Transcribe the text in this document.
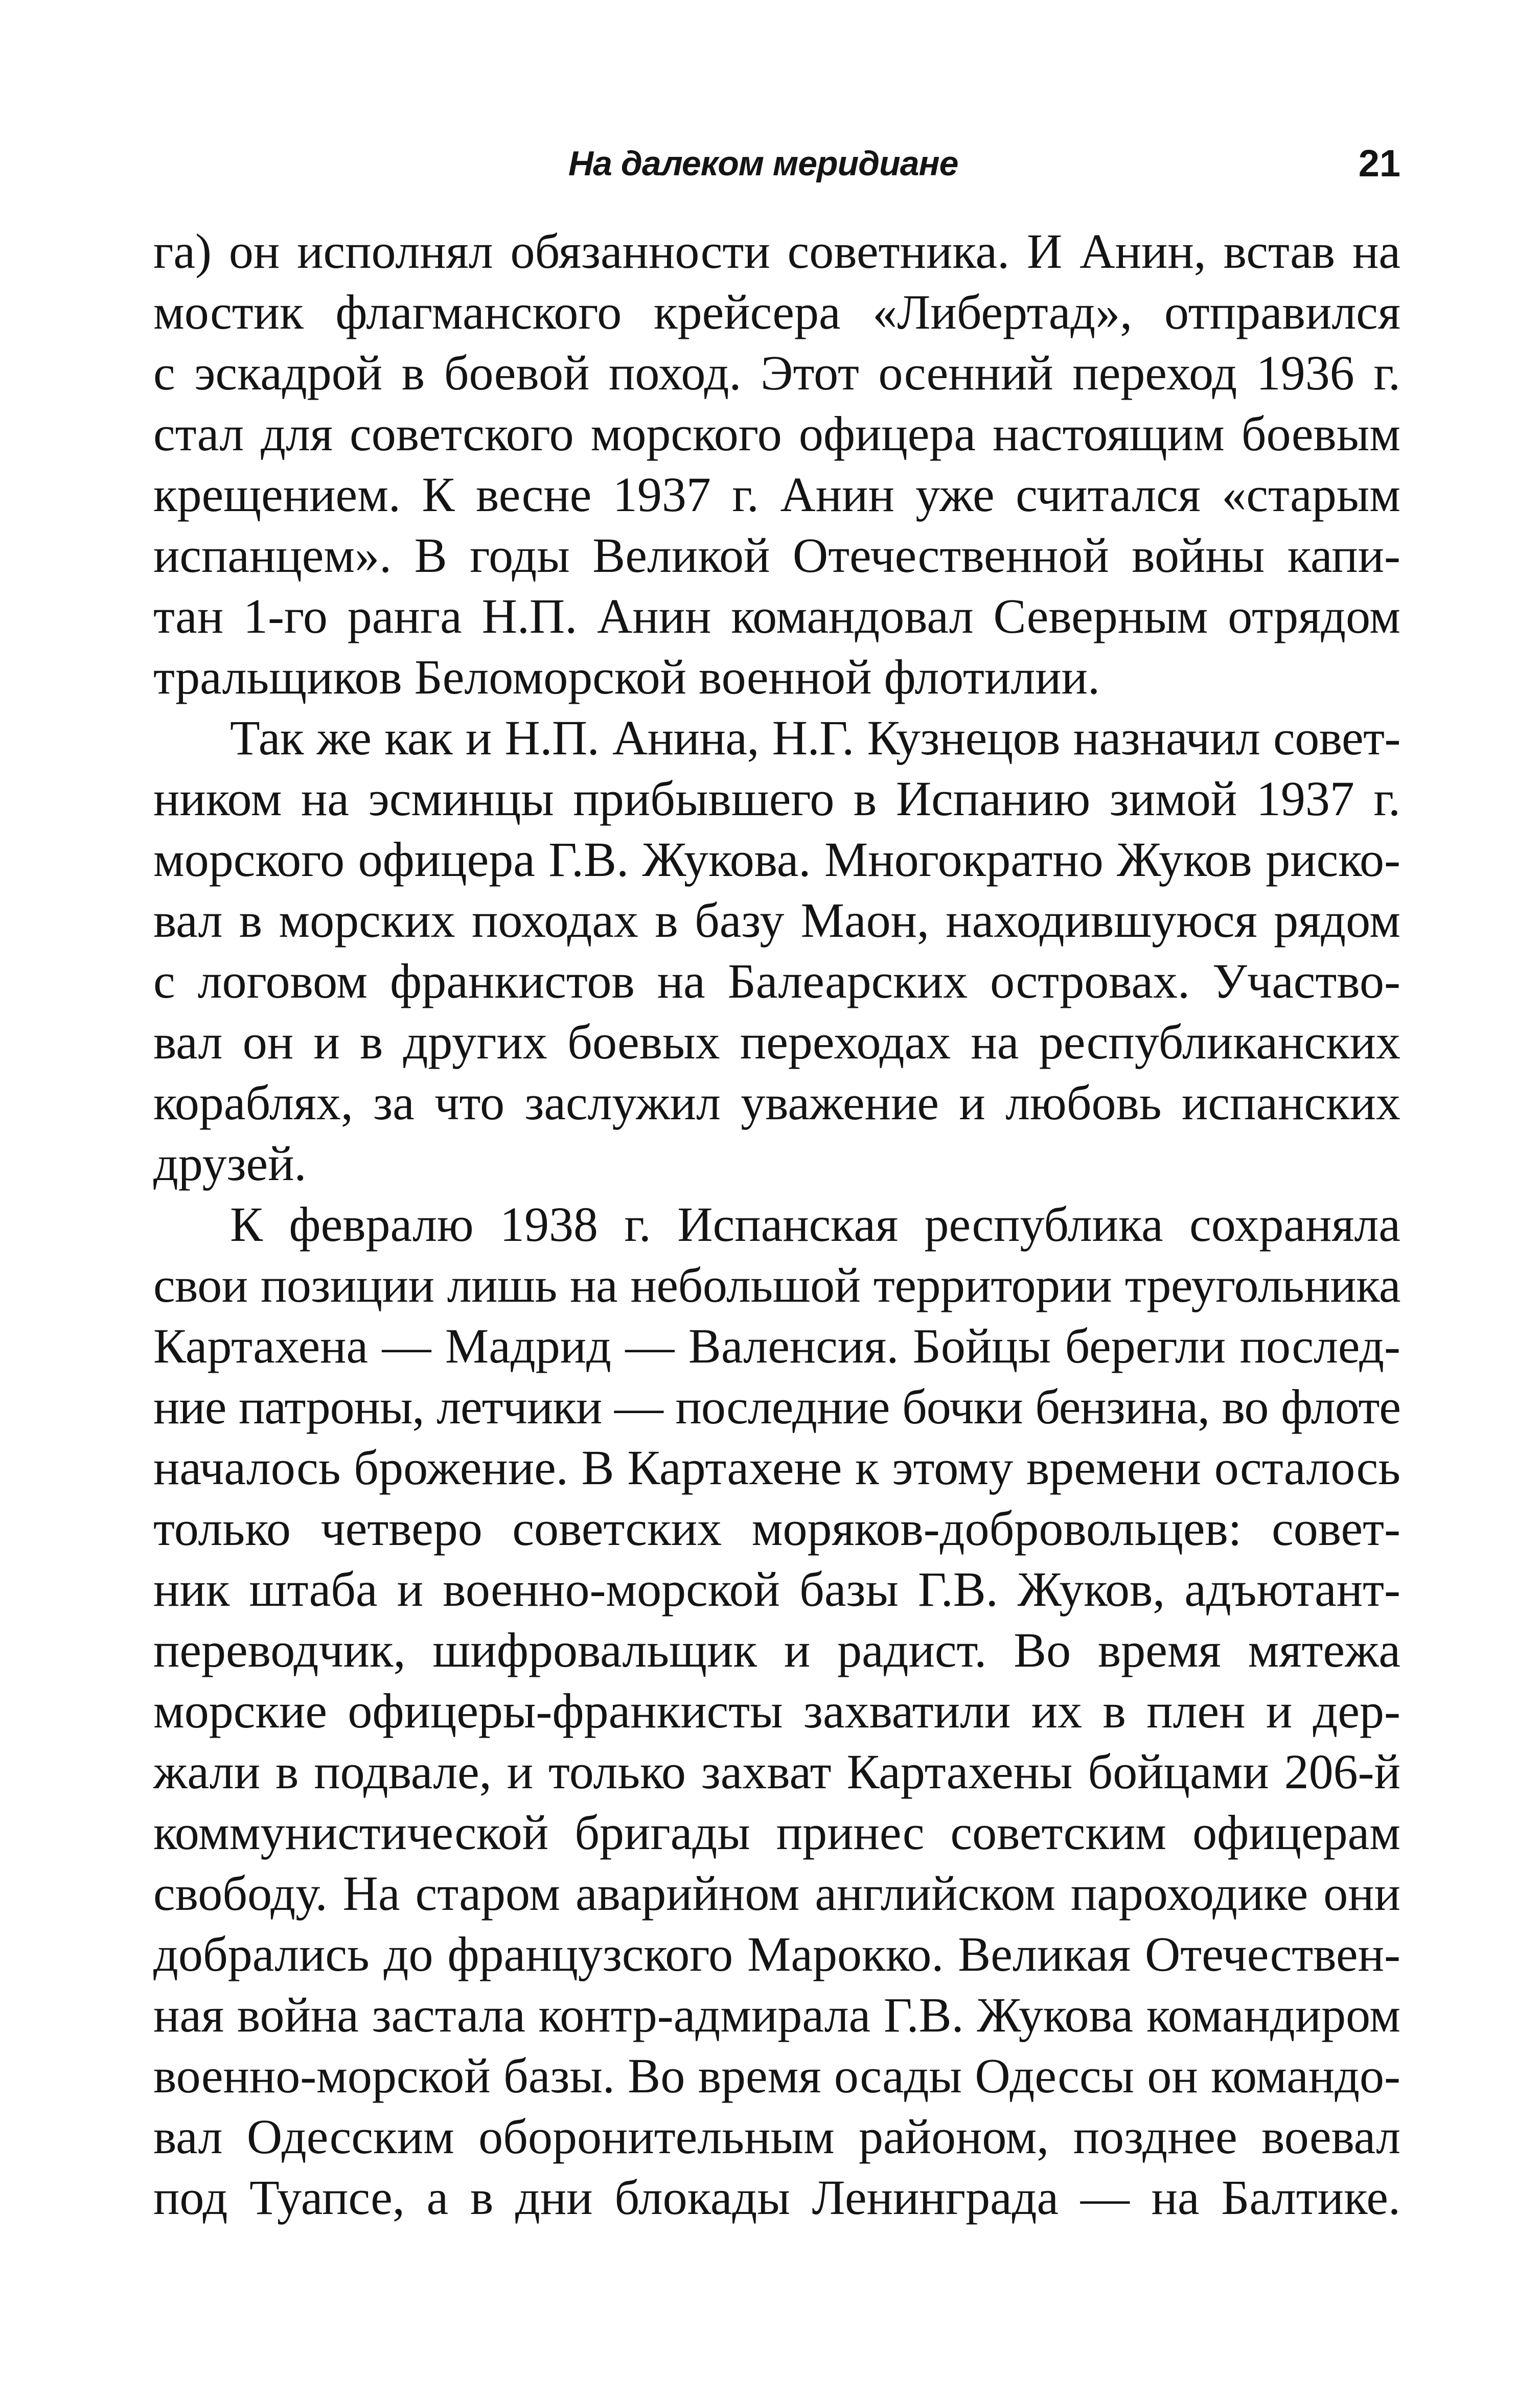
На далеком меридиане	21
га) он исполнял обязанности советника. И Анин, встав на
мостик флагманского крейсера «Либертад», отправился
с эскадрой в боевой поход. Этот осенний переход 1936 г.
стал для советского морского офицера настоящим боевым
крещением. К весне 1937 г. Анин уже считался «старым
испанцем». В годы Великой Отечественной войны капи-
тан 1-го ранга Н.П. Анин командовал Северным отрядом
тральщиков Беломорской военной флотилии.
Так же как и Н.П. Анина, Н.Г. Кузнецов назначил совет-
ником на эсминцы прибывшего в Испанию зимой 1937 г.
морского офицера Г.В. Жукова. Многократно Жуков риско-
вал в морских походах в базу Маон, находившуюся рядом
с логовом франкистов на Балеарских островах. Участво-
вал он и в других боевых переходах на республиканских
кораблях, за что заслужил уважение и любовь испанских
друзей.
К февралю 1938 г. Испанская республика сохраняла
свои позиции лишь на небольшой территории треугольника
Картахена — Мадрид — Валенсия. Бойцы берегли послед-
ние патроны, летчики — последние бочки бензина, во флоте
началось брожение. В Картахене к этому времени осталось
только четверо советских моряков-добровольцев: совет-
ник штаба и военно-морской базы Г.В. Жуков, адъютант-
переводчик, шифровальщик и радист. Во время мятежа
морские офицеры-франкисты захватили их в плен и дер-
жали в подвале, и только захват Картахены бойцами 206-й
коммунистической бригады принес советским офицерам
свободу. На старом аварийном английском пароходике они
добрались до французского Марокко. Великая Отечествен-
ная война застала контр-адмирала Г.В. Жукова командиром
военно-морской базы. Во время осады Одессы он командо-
вал Одесским оборонительным районом, позднее воевал
под Туапсе, а в дни блокады Ленинграда — на Балтике.
